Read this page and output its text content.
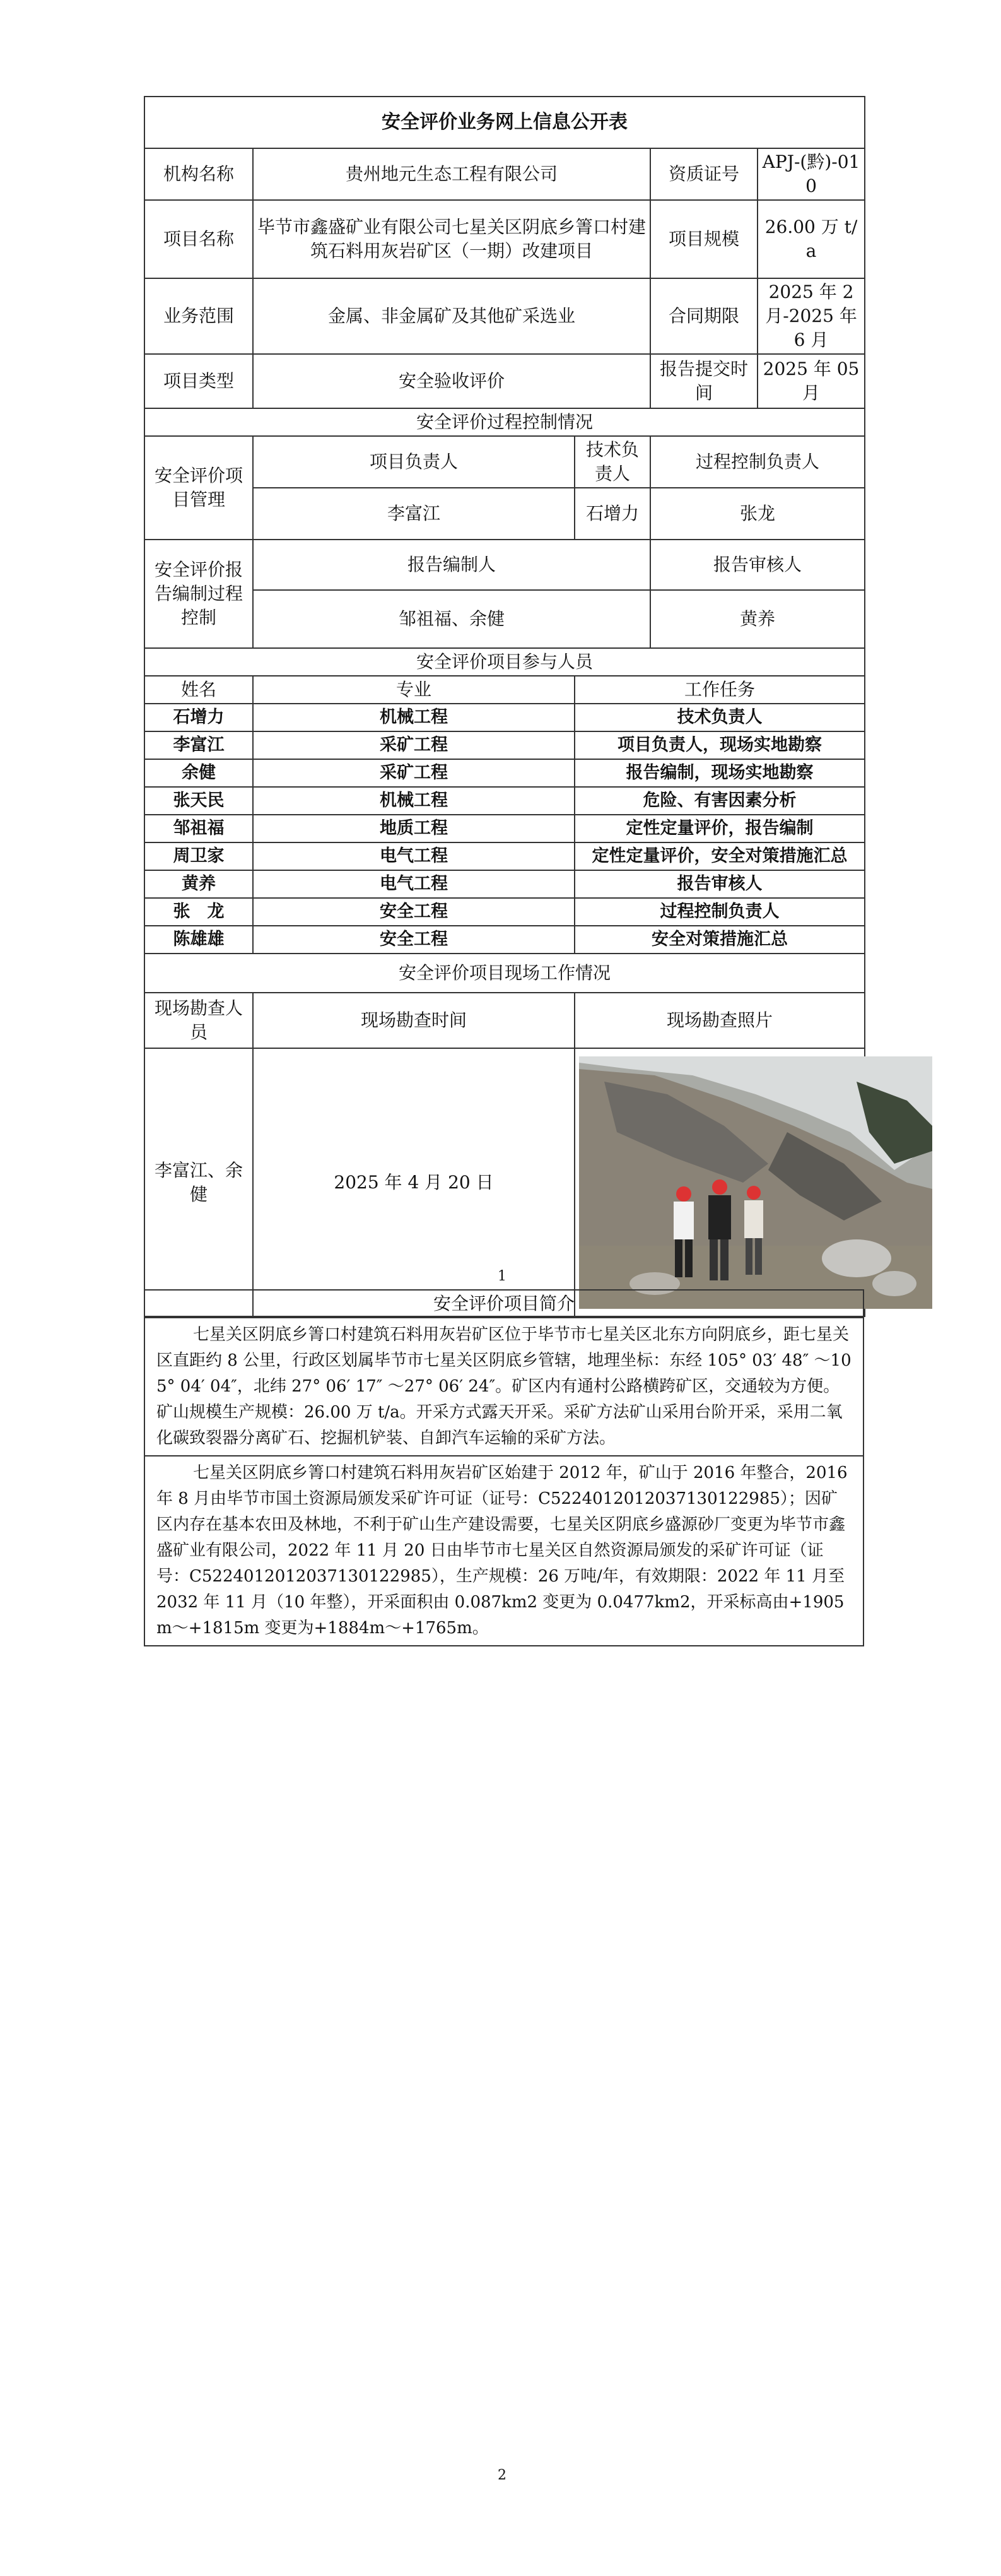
安全评价业务网上信息公开表				
机构名称	贵州地元生态工程有限公司		资质证号	APJ-(黔)-010
项目名称	毕节市鑫盛矿业有限公司七星关区阴底乡箐口村建筑石料用灰岩矿区（一期）改建项目		项目规模	26.00 万 t/a
业务范围	金属、非金属矿及其他矿采选业		合同期限	2025 年 2 月-2025 年 6 月
项目类型	安全验收评价		报告提交时间	2025 年 05 月
安全评价过程控制情况				
安全评价项目管理	项目负责人	技术负责人	过程控制负责人	
	李富江	石增力	张龙	
安全评价报告编制过程控制	报告编制人		报告审核人	
	邹祖福、余健		黄养	
安全评价项目参与人员				
姓名	专业	工作任务		
石增力	机械工程	技术负责人		
李富江	采矿工程	项目负责人，现场实地勘察		
余健	采矿工程	报告编制，现场实地勘察		
张天民	机械工程	危险、有害因素分析		
邹祖福	地质工程	定性定量评价，报告编制		
周卫家	电气工程	定性定量评价，安全对策措施汇总		
黄养	电气工程	报告审核人		
张　龙	安全工程	过程控制负责人		
陈雄雄	安全工程	安全对策措施汇总		
安全评价项目现场工作情况				
现场勘查人员	现场勘查时间	现场勘查照片		
李富江、余健	2025 年 4 月 20 日	
1
安全评价项目简介
七星关区阴底乡箐口村建筑石料用灰岩矿区位于毕节市七星关区北东方向阴底乡，距七星关区直距约 8 公里，行政区划属毕节市七星关区阴底乡管辖，地理坐标：东经 105° 03′ 48″ ～105° 04′ 04″，北纬 27° 06′ 17″ ～27° 06′ 24″。矿区内有通村公路横跨矿区，交通较为方便。矿山规模生产规模：26.00 万 t/a。开采方式露天开采。采矿方法矿山采用台阶开采，采用二氧化碳致裂器分离矿石、挖掘机铲装、自卸汽车运输的采矿方法。
七星关区阴底乡箐口村建筑石料用灰岩矿区始建于 2012 年，矿山于 2016 年整合，2016 年 8 月由毕节市国土资源局颁发采矿许可证（证号：C5224012012037130122985）；因矿区内存在基本农田及林地，不利于矿山生产建设需要，七星关区阴底乡盛源砂厂变更为毕节市鑫盛矿业有限公司，2022 年 11 月 20 日由毕节市七星关区自然资源局颁发的采矿许可证（证号：C5224012012037130122985），生产规模：26 万吨/年，有效期限：2022 年 11 月至 2032 年 11 月（10 年整），开采面积由 0.087km2 变更为 0.0477km2，开采标高由+1905m～+1815m 变更为+1884m～+1765m。
2
